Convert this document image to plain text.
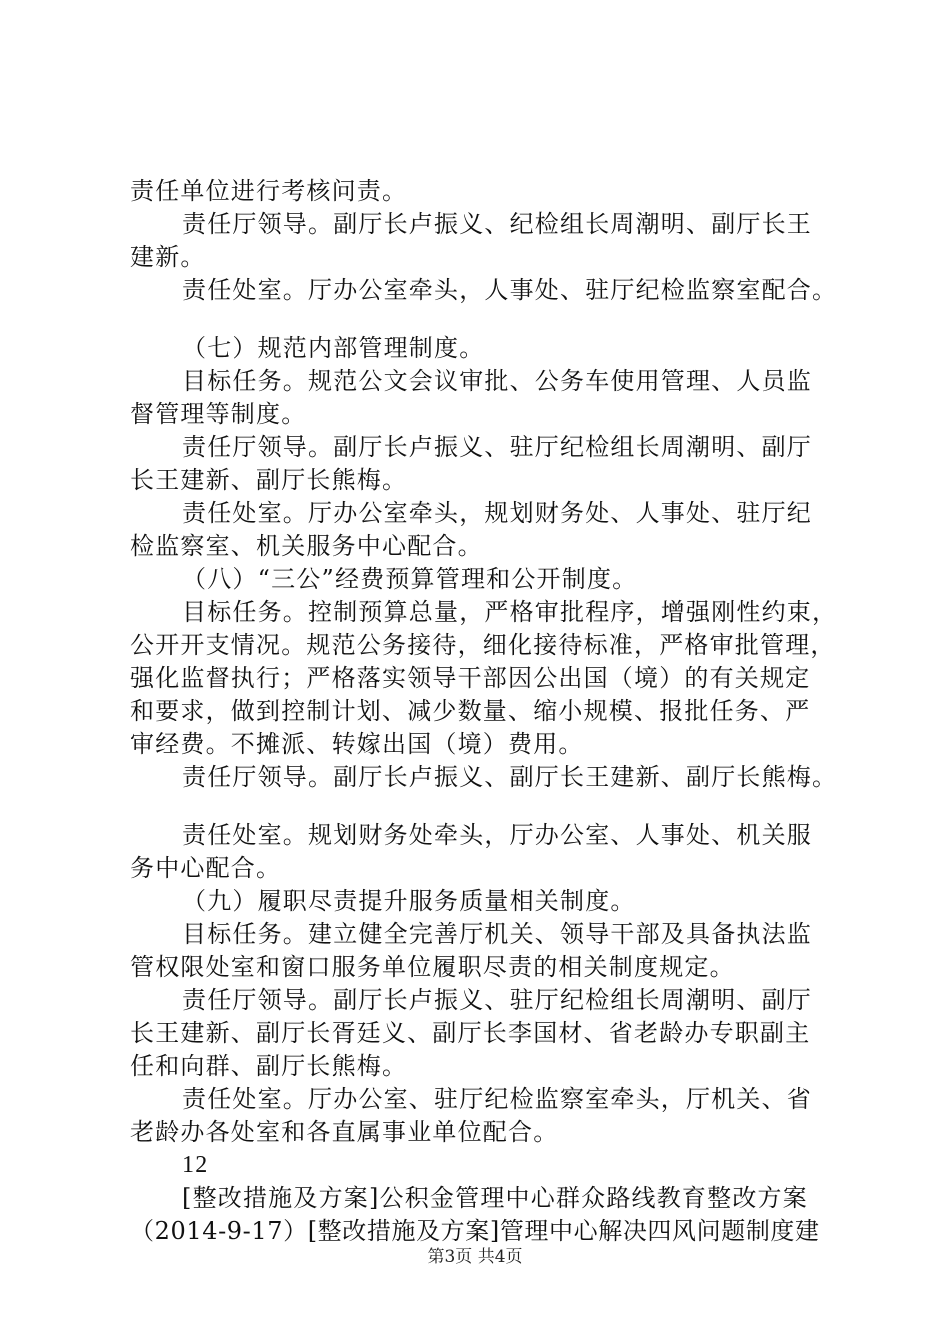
责任单位进行考核问责。
责任厅领导。副厅长卢振义、纪检组长周潮明、副厅长王
建新。
责任处室。厅办公室牵头，人事处、驻厅纪检监察室配合。
（七）规范内部管理制度。
目标任务。规范公文会议审批、公务车使用管理、人员监
督管理等制度。
责任厅领导。副厅长卢振义、驻厅纪检组长周潮明、副厅
长王建新、副厅长熊梅。
责任处室。厅办公室牵头，规划财务处、人事处、驻厅纪
检监察室、机关服务中心配合。
（八）“三公”经费预算管理和公开制度。
目标任务。控制预算总量，严格审批程序，增强刚性约束，
公开开支情况。规范公务接待，细化接待标准，严格审批管理，
强化监督执行；严格落实领导干部因公出国（境）的有关规定
和要求，做到控制计划、减少数量、缩小规模、报批任务、严
审经费。不摊派、转嫁出国（境）费用。
责任厅领导。副厅长卢振义、副厅长王建新、副厅长熊梅。
责任处室。规划财务处牵头，厅办公室、人事处、机关服
务中心配合。
（九）履职尽责提升服务质量相关制度。
目标任务。建立健全完善厅机关、领导干部及具备执法监
管权限处室和窗口服务单位履职尽责的相关制度规定。
责任厅领导。副厅长卢振义、驻厅纪检组长周潮明、副厅
长王建新、副厅长胥廷义、副厅长李国材、省老龄办专职副主
任和向群、副厅长熊梅。
责任处室。厅办公室、驻厅纪检监察室牵头，厅机关、省
老龄办各处室和各直属事业单位配合。
12
[整改措施及方案]公积金管理中心群众路线教育整改方案
（2014-9-17）[整改措施及方案]管理中心解决四风问题制度建
第3页 共4页
